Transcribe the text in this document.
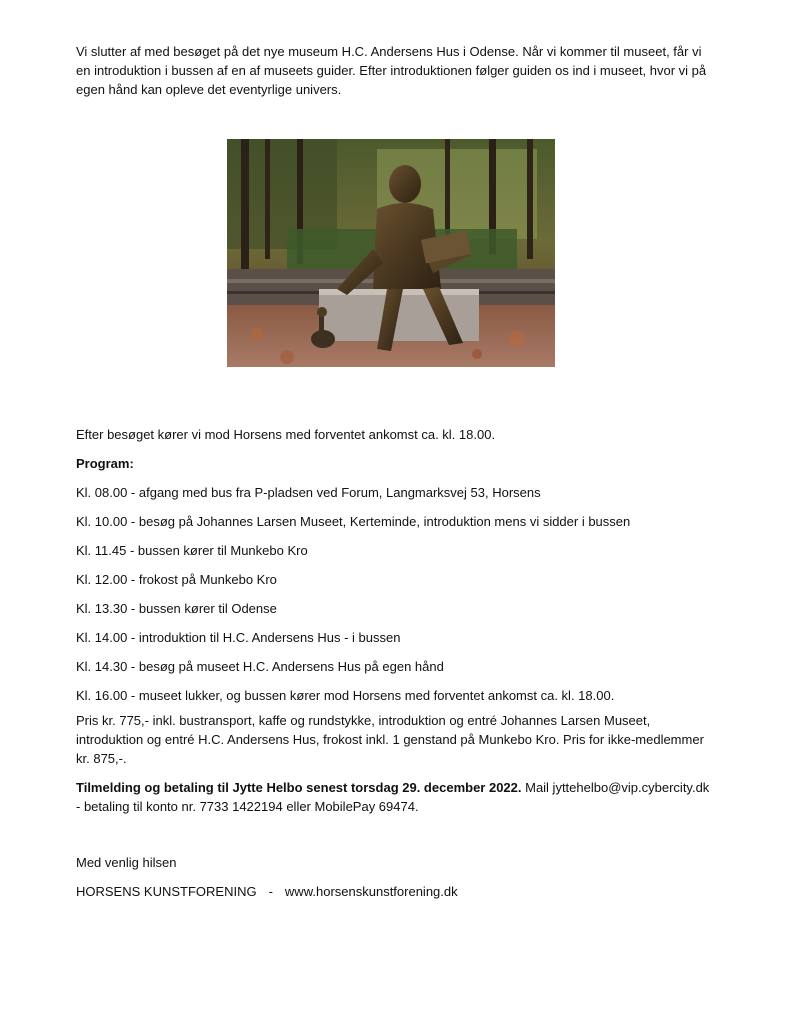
Vi slutter af med besøget på det nye museum H.C. Andersens Hus i Odense. Når vi kommer til museet, får vi en introduktion i bussen af en af museets guider. Efter introduktionen følger guiden os ind i museet, hvor vi på egen hånd kan opleve det eventyrlige univers.

Efter besøget kører vi mod Horsens med forventet ankomst ca. kl. 18.00.

Program:

Kl. 08.00 - afgang med bus fra P-pladsen ved Forum, Langmarksvej 53, Horsens
Kl. 10.00 - besøg på Johannes Larsen Museet, Kerteminde, introduktion mens vi sidder i bussen
Kl. 11.45 - bussen kører til Munkebo Kro
Kl. 12.00 - frokost på Munkebo Kro
Kl. 13.30 - bussen kører til Odense
Kl. 14.00 - introduktion til H.C. Andersens Hus - i bussen
Kl. 14.30 - besøg på museet H.C. Andersens Hus på egen hånd
Kl. 16.00 - museet lukker, og bussen kører mod Horsens med forventet ankomst ca. kl. 18.00.

Pris kr. 775,- inkl. bustransport, kaffe og rundstykke, introduktion og entré Johannes Larsen Museet, introduktion og entré H.C. Andersens Hus, frokost inkl. 1 genstand på Munkebo Kro. Pris for ikke-medlemmer kr. 875,-.

Tilmelding og betaling til Jytte Helbo senest torsdag 29. december 2022. Mail jyttehelbo@vip.cybercity.dk - betaling til konto nr. 7733 1422194 eller MobilePay 69474.

Med venlig hilsen

HORSENS KUNSTFORENING - www.horsenskunstforening.dk
